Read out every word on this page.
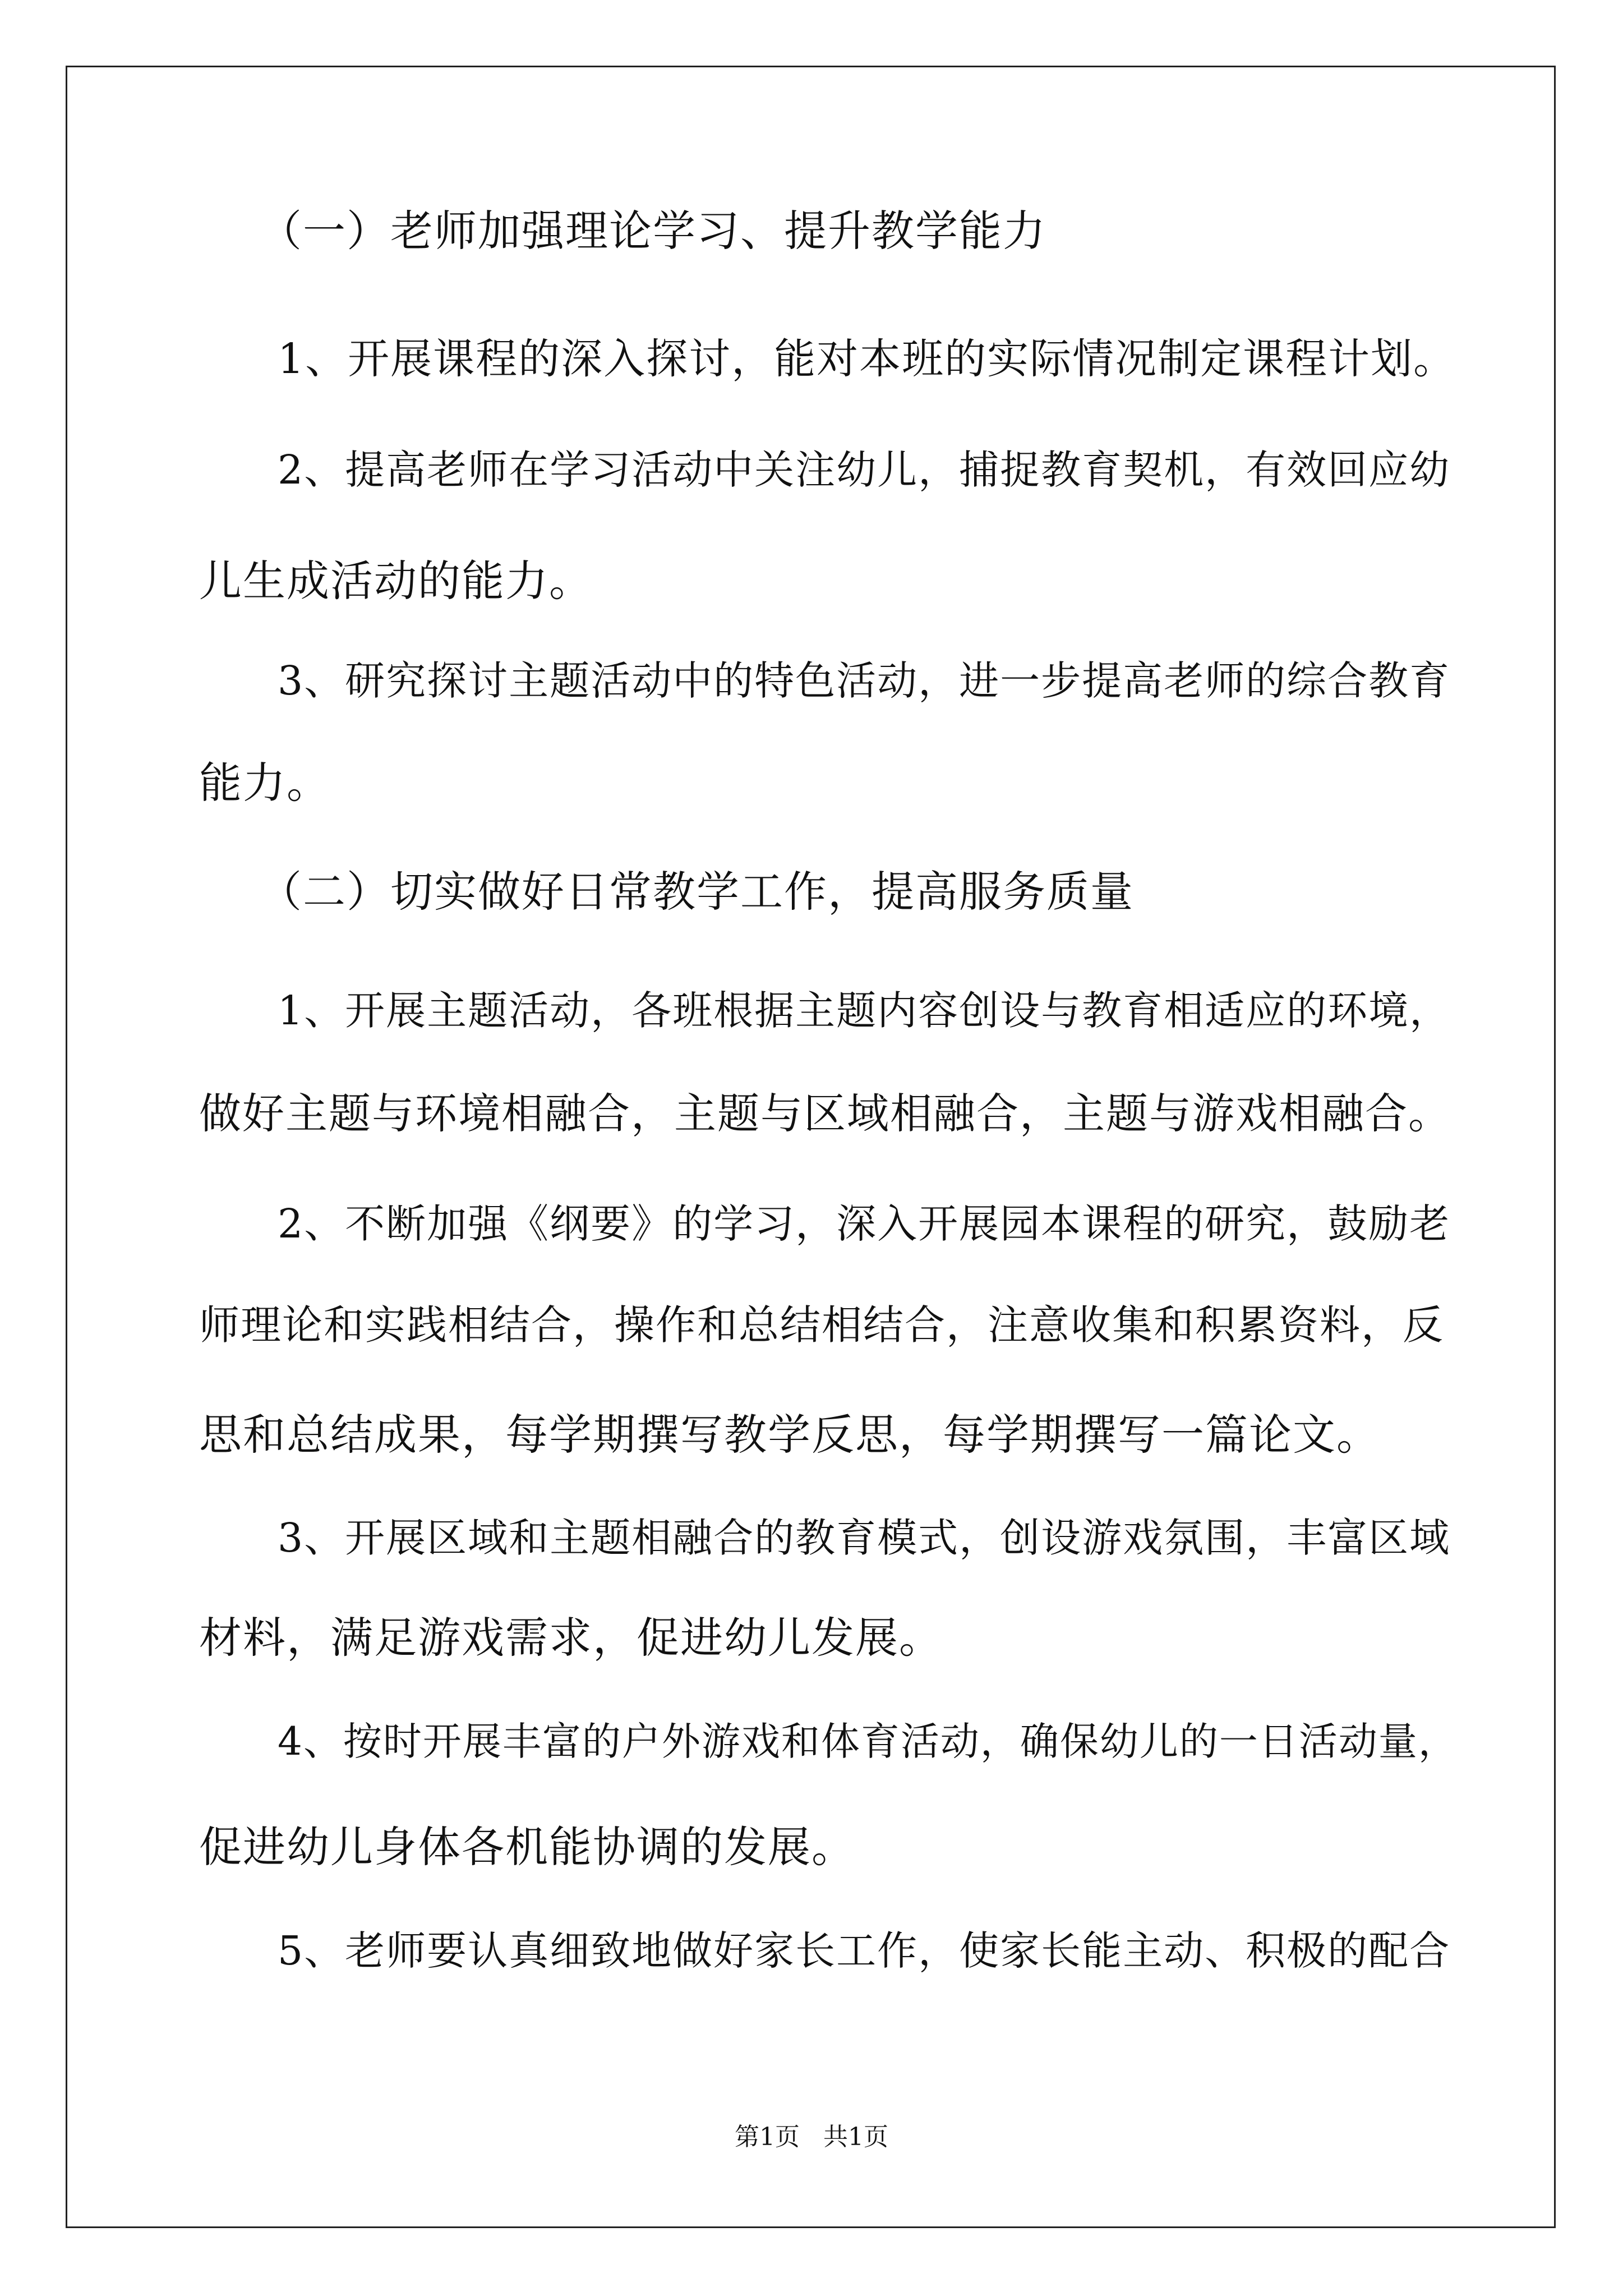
（一）老师加强理论学习、提升教学能力
1、开展课程的深入探讨，能对本班的实际情况制定课程计划。
2、提高老师在学习活动中关注幼儿，捕捉教育契机，有效回应幼
儿生成活动的能力。
3、研究探讨主题活动中的特色活动，进一步提高老师的综合教育
能力。
（二）切实做好日常教学工作，提高服务质量
1、开展主题活动，各班根据主题内容创设与教育相适应的环境，
做好主题与环境相融合，主题与区域相融合，主题与游戏相融合。
2、不断加强《纲要》的学习，深入开展园本课程的研究，鼓励老
师理论和实践相结合，操作和总结相结合，注意收集和积累资料，反
思和总结成果，每学期撰写教学反思，每学期撰写一篇论文。
3、开展区域和主题相融合的教育模式，创设游戏氛围，丰富区域
材料，满足游戏需求，促进幼儿发展。
4、按时开展丰富的户外游戏和体育活动，确保幼儿的一日活动量，
促进幼儿身体各机能协调的发展。
5、老师要认真细致地做好家长工作，使家长能主动、积极的配合
第1页   共1页
